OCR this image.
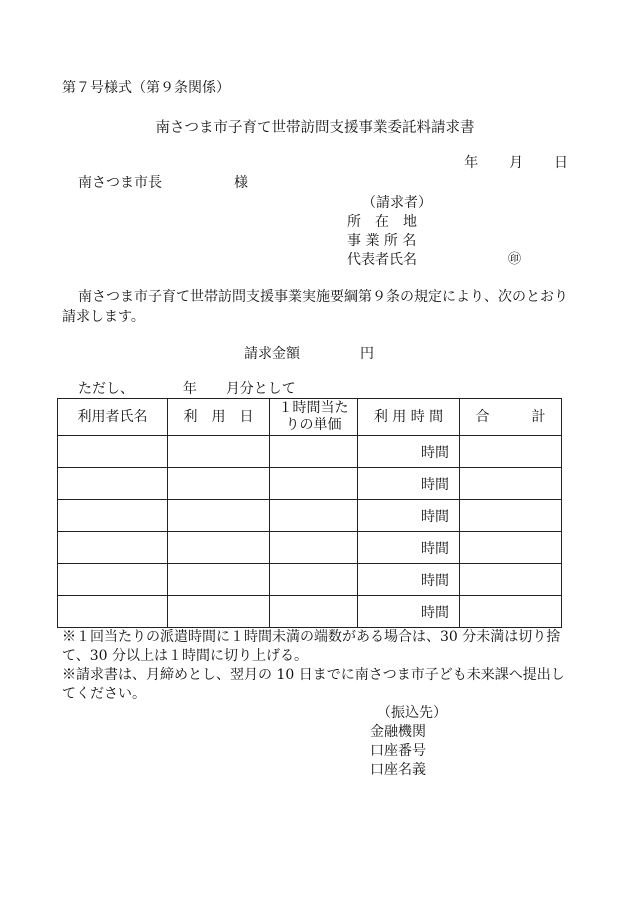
第７号様式（第９条関係）
南さつま市子育て世帯訪問支援事業委託料請求書
年 月 日
南さつま市長	様
（請求者）
所　在　地
事 業 所 名
代表者氏名	㊞
南さつま市子育て世帯訪問支援事業実施要綱第９条の規定により、次のとおり請求します。
請求金額	円
ただし、	年 月分として
利用者氏名	利　用　日	１時間当たりの単価	利 用 時 間	合　　　計
			時間	
			時間	
			時間	
			時間	
			時間	
			時間	

※１回当たりの派遣時間に１時間未満の端数がある場合は、30 分未満は切り捨て、30 分以上は１時間に切り上げる。

※請求書は、月締めとし、翌月の 10 日までに南さつま市子ども未来課へ提出してください。

（振込先）
金融機関
口座番号
口座名義
